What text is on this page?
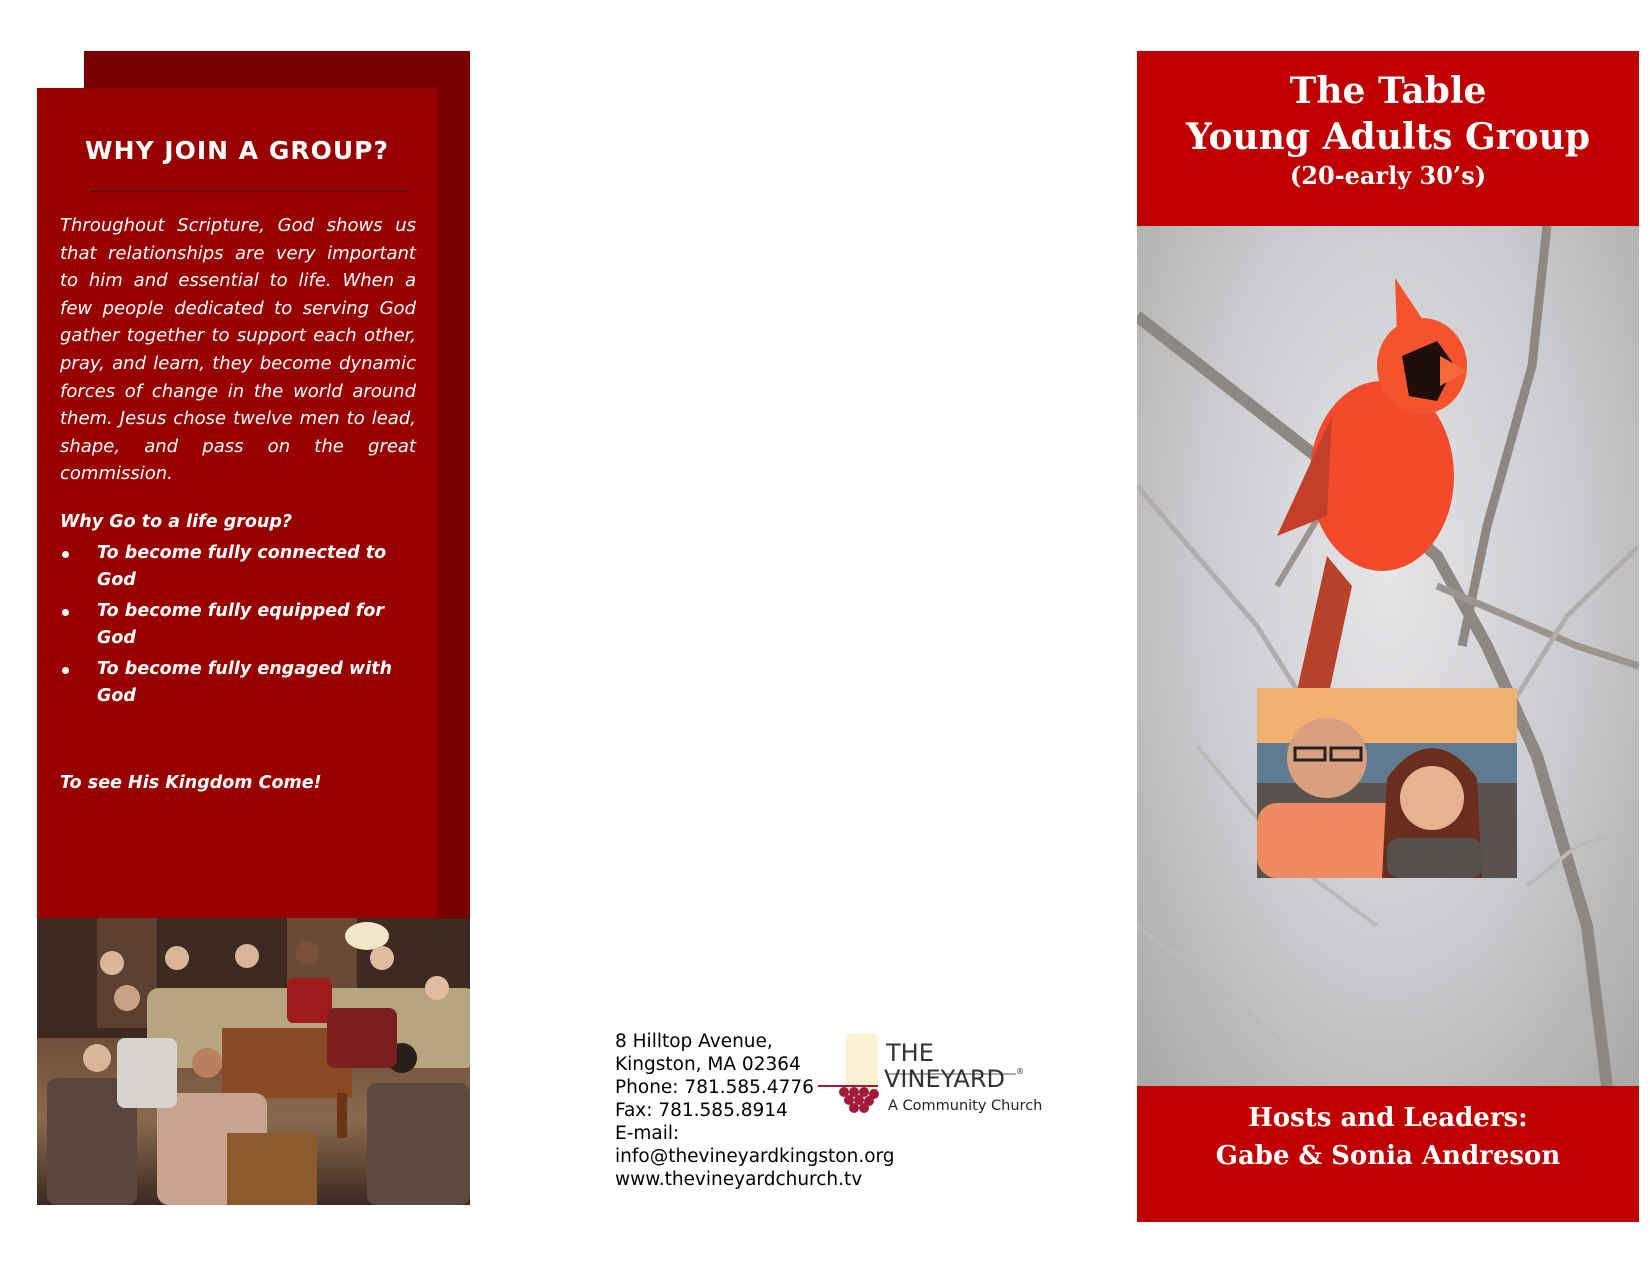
WHY JOIN A GROUP?

Throughout Scripture, God shows us that relationships are very important to him and essential to life. When a few people dedicated to serving God gather together to support each other, pray, and learn, they become dynamic forces of change in the world around them. Jesus chose twelve men to lead, shape, and pass on the great commission.

Why Go to a life group?

To become fully connected to God
To become fully equipped for God
To become fully engaged with God

To see His Kingdom Come!

8 Hilltop Avenue,
Kingston, MA 02364
Phone: 781.585.4776
Fax: 781.585.8914
E-mail:
info@thevineyardkingston.org
www.thevineyardchurch.tv

THE
VINEYARD ®
A Community Church

The Table

Young Adults Group

(20-early 30’s)

Hosts and Leaders:

Gabe & Sonia Andreson
